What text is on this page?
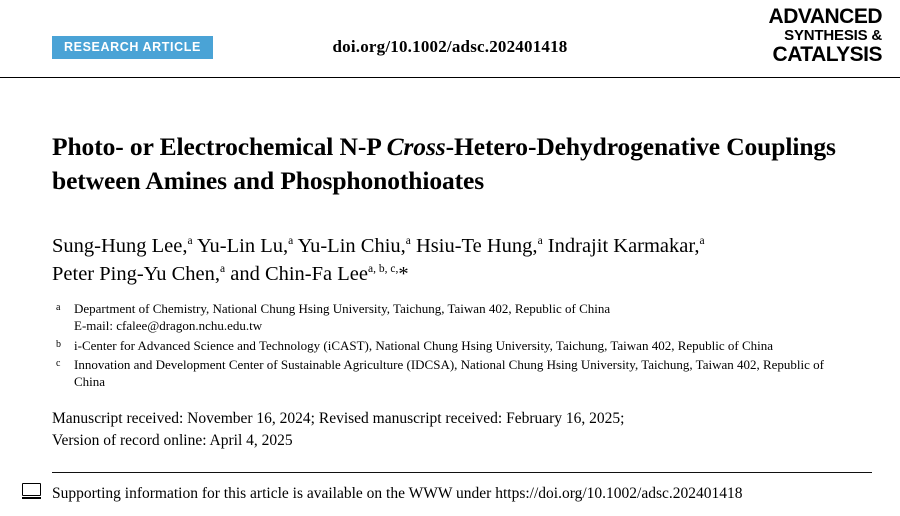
RESEARCH ARTICLE	doi.org/10.1002/adsc.202401418
ADVANCED
SYNTHESIS &
CATALYSIS
Photo- or Electrochemical N-P Cross-Hetero-Dehydrogenative Couplings between Amines and Phosphonothioates
Sung-Hung Lee,$^a$ Yu-Lin Lu,$^a$ Yu-Lin Chiu,$^a$ Hsiu-Te Hung,$^a$ Indrajit Karmakar,$^a$
Peter Ping-Yu Chen,$^a$ and Chin-Fa Lee$^{a, b, c,}$*
a	Department of Chemistry, National Chung Hsing University, Taichung, Taiwan 402, Republic of China
E-mail: cfalee@dragon.nchu.edu.tw
b	i-Center for Advanced Science and Technology (iCAST), National Chung Hsing University, Taichung, Taiwan 402, Republic of China
c	Innovation and Development Center of Sustainable Agriculture (IDCSA), National Chung Hsing University, Taichung, Taiwan 402, Republic of China
Manuscript received: November 16, 2024; Revised manuscript received: February 16, 2025;
Version of record online: April 4, 2025
Supporting information for this article is available on the WWW under https://doi.org/10.1002/adsc.202401418
